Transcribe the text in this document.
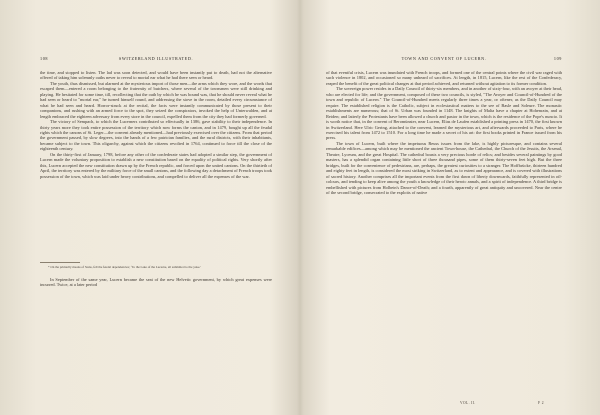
108	SWITZERLAND ILLUSTRATED.

the time, and stopped to listen. The lad was soon detected, and would have been instantly put to death, had not the alternative offered of taking him solemnly oaths never to reveal to mortal ear what he had there seen or heard.

The youth, thus dismissed, but alarmed at the mysterious import of those men—the arms which they wore, and the words that escaped them—entered a room belonging to the fraternity of butchers, where several of the townsmen were still drinking and playing. He hesitated for some time, till, recollecting that the oath by which he was bound was, that he should never reveal what he had seen or heard to "mortal ear," he turned himself round, and addressing the stove in the room, detailed every circumstance of what he had seen and heard. Horror-struck at the recital, the facts were instantly communicated by those present to their companions, and rushing with an armed force to the spot, they seized the conspirators, invoked the help of Unterwalden, and at length embraced the eighteen adversary from every store in the council, expelled them from the city they had formerly governed.

The victory of Sempach, to which the Lucerners contributed so effectually in 1386, gave stability to their independence. In thirty years more they took entire possession of the territory which now forms the canton, and in 1479, bought up all the feudal rights which the canons of St. Leger—the convent already mentioned—had previously exercised over the citizens. From that period the government passed, by slow degrees, into the hands of a few patrician families, and the rural districts, with their inhabitants, became subject to the town. This oligarchy, against which the citizens revolted in 1764, continued to force till the close of the eighteenth century.

On the thirty-first of January, 1798, before any other of the confederate states had adopted a similar step, the government of Lucern made the voluntary proposition to establish a new constitution based on the equality of political rights. Very shortly after this, Lucern accepted the new constitution drawn up by the French republic, and forced upon the united cantons. On the thirtieth of April, the territory was entered by the military force of the small cantons, and the following day a detachment of French troops took possession of the town, which was laid under heavy contributions, and compelled to deliver all the expenses of the war.

* On the primarily means of Stans, fell the feudal dependencies; ‘To the Lake of the Lucerne, all submitted to the yoke.’

In September of the same year, Lucern became the seat of the new Helvetic government, by which great expenses were incurred. Twice, at a later period

TOWN AND CONVENT OF LUCERN.	109

of that eventful crisis, Lucern was inundated with French troops, and formed one of the central points where the civil war raged with such violence in 1802, and occasioned so many unheard of sacrifices. At length, in 1815, Lucern, like the rest of the Confederacy, reaped the benefit of the great political changes at that period achieved, and returned without agitation to its former condition.

The sovereign power resides in a Daily Council of thirty-six members, and in another of sixty-four, with an avoyer at their head, who are elected for life; and the government, composed of these two councils, is styled, "The Avoyer and Council-of-Hundred of the town and republic of Lucern." The Council-of-Hundred meets regularly three times a year, or oftener, as the Daily Council may require. The established religion is the Catholic, subject in ecclesiastical matters to the see of Basle and Soleure. The monastic establishments are numerous; that of St. Urban was founded in 1148. The knights of Malta have a chapter at Hohenrain, and at Reiden; and latterly the Protestants have been allowed a church and pastor in the town, which is the residence of the Pope's nuncio. It is worth notice that, in the convent of Beromünster, near Lucern, Elias de Laufen established a printing press in 1470, the first known in Switzerland. Here Ulric Gering, attached to the convent, learned the mysterious art, and afterwards proceeded to Paris, where he exercised his talent from 1472 to 1510. For a long time he made a secret of his art: the first books printed in France issued from his press.

The town of Lucern, built where the impetuous Reuss issues from the lake, is highly picturesque, and contains several remarkable edifices—among which may be mentioned the ancient Town-house, the Cathedral, the Church of the Jesuits, the Arsenal, Theatre, Lyceum, and the great Hospital. The cathedral boasts a very precious horde of relics; and besides several paintings by good masters, has a splendid organ containing little short of three thousand pipes, some of them thirty-seven feet high. But the three bridges, built for the convenience of pedestrians, are, perhaps, the greatest curiosities to a stranger. The Hoffbrücke, thirteen hundred and eighty feet in length, is considered the most striking in Switzerland, as to extent and appearance, and is covered with illustrations of sacred history. Another comprises all the important events from the first dawn of liberty downwards, faithfully represented in oil-colours, and tending to keep alive among the youth a knowledge of their heroic annals, and a spirit of independence. A third bridge is embellished with pictures from Holbein's Dance-of-Death; and a fourth, apparently of great antiquity and uncovered. Near the centre of the second bridge, consecrated to the exploits of native

VOL. II.	F 2
